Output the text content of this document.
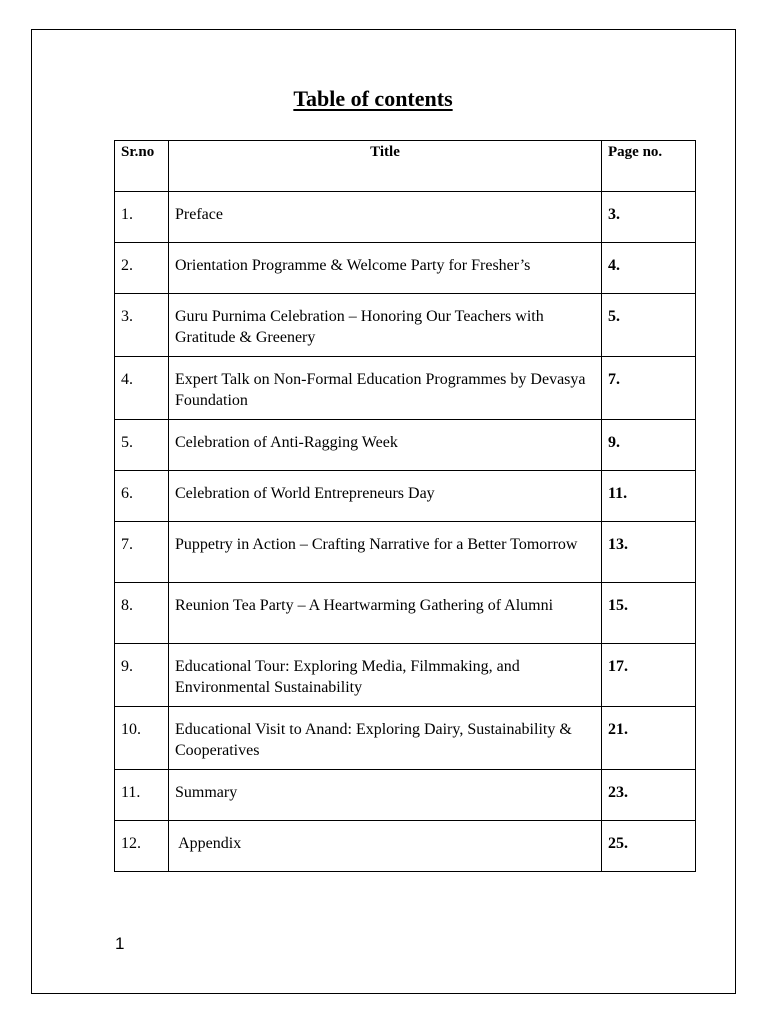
Table of contents
Sr.no	Title	Page no.
1.	Preface	3.
2.	Orientation Programme & Welcome Party for Fresher’s	4.
3.	Guru Purnima Celebration – Honoring Our Teachers with Gratitude & Greenery	5.
4.	Expert Talk on Non-Formal Education Programmes by Devasya Foundation	7.
5.	Celebration of Anti-Ragging Week	9.
6.	Celebration of World Entrepreneurs Day	11.
7.	Puppetry in Action – Crafting Narrative for a Better Tomorrow	13.
8.	Reunion Tea Party – A Heartwarming Gathering of Alumni	15.
9.	Educational Tour: Exploring Media, Filmmaking, and Environmental Sustainability	17.
10.	Educational Visit to Anand: Exploring Dairy, Sustainability & Cooperatives	21.
11.	Summary	23.
12.	Appendix	25.
1
